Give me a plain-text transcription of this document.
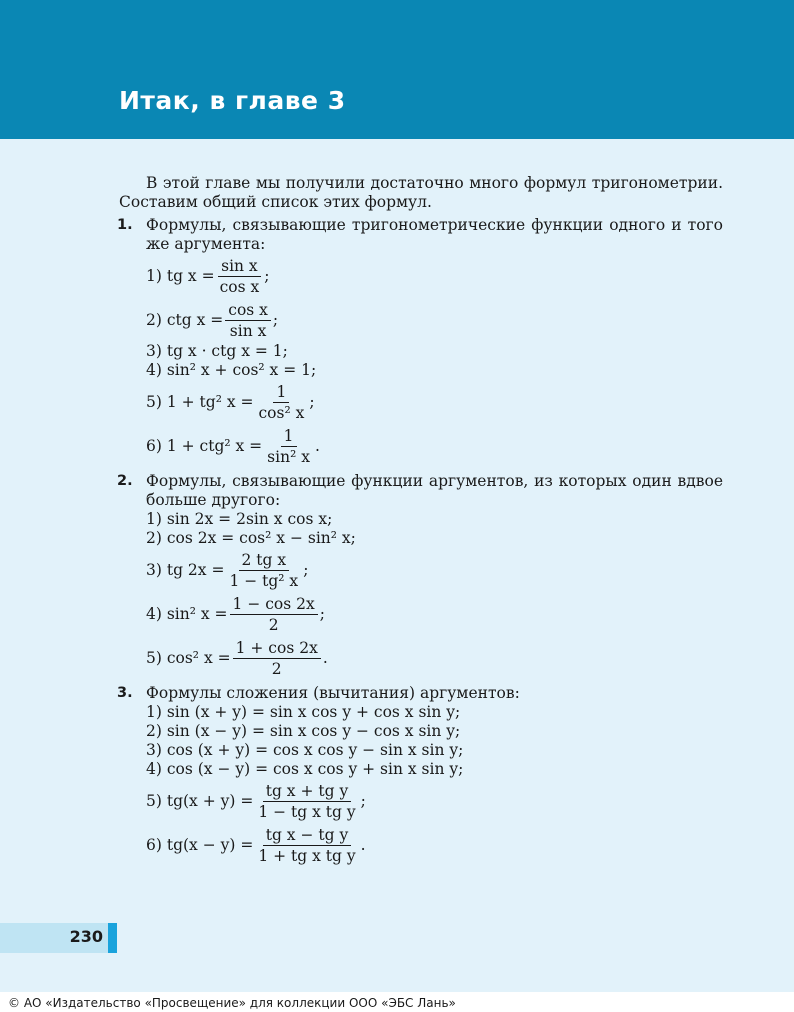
Итак, в главе 3

В этой главе мы получили достаточно много формул тригонометрии. Составим общий список этих формул.

1. Формулы, связывающие тригонометрические функции одного и того же аргумента:
1) tg $x = \frac{\text{sin x}}{\text{cos x}}$ ;
2) ctg $x = \frac{\text{cos x}}{\text{sin x}}$ ;
3) tg x · ctg x = 1;
4) sin² x + cos² x = 1;
5) 1 + tg² $x = \frac{1}{\text{cos² x}}$ ;
6) 1 + ctg² $x = \frac{1}{\text{sin² x}}$ .
2. Формулы, связывающие функции аргументов, из которых один вдвое больше другого:
1) sin 2x = 2sin x cos x;
2) cos 2x = cos² x − sin² x;
3) tg $2x = \frac{\text{2 tg x}}{\text{1 − tg² x}}$ ;
4) sin² $x = \frac{1 - \cos 2x}{2}$ ;
5) cos² $x = \frac{1 + \cos 2x}{2}$ .
3. Формулы сложения (вычитания) аргументов:
1) sin (x + y) = sin x cos y + cos x sin y;
2) sin (x − y) = sin x cos y − cos x sin y;
3) cos (x + y) = cos x cos y − sin x sin y;
4) cos (x − y) = cos x cos y + sin x sin y;
5) $tg(x + y) = \frac{\text{tg x + tg y}}{\text{1 − tg x tg y}}$ ;
6) $tg(x - y) = \frac{\text{tg x − tg y}}{\text{1 + tg x tg y}}$ .
230
© АО «Издательство «Просвещение» для коллекции ООО «ЭБС Лань»
